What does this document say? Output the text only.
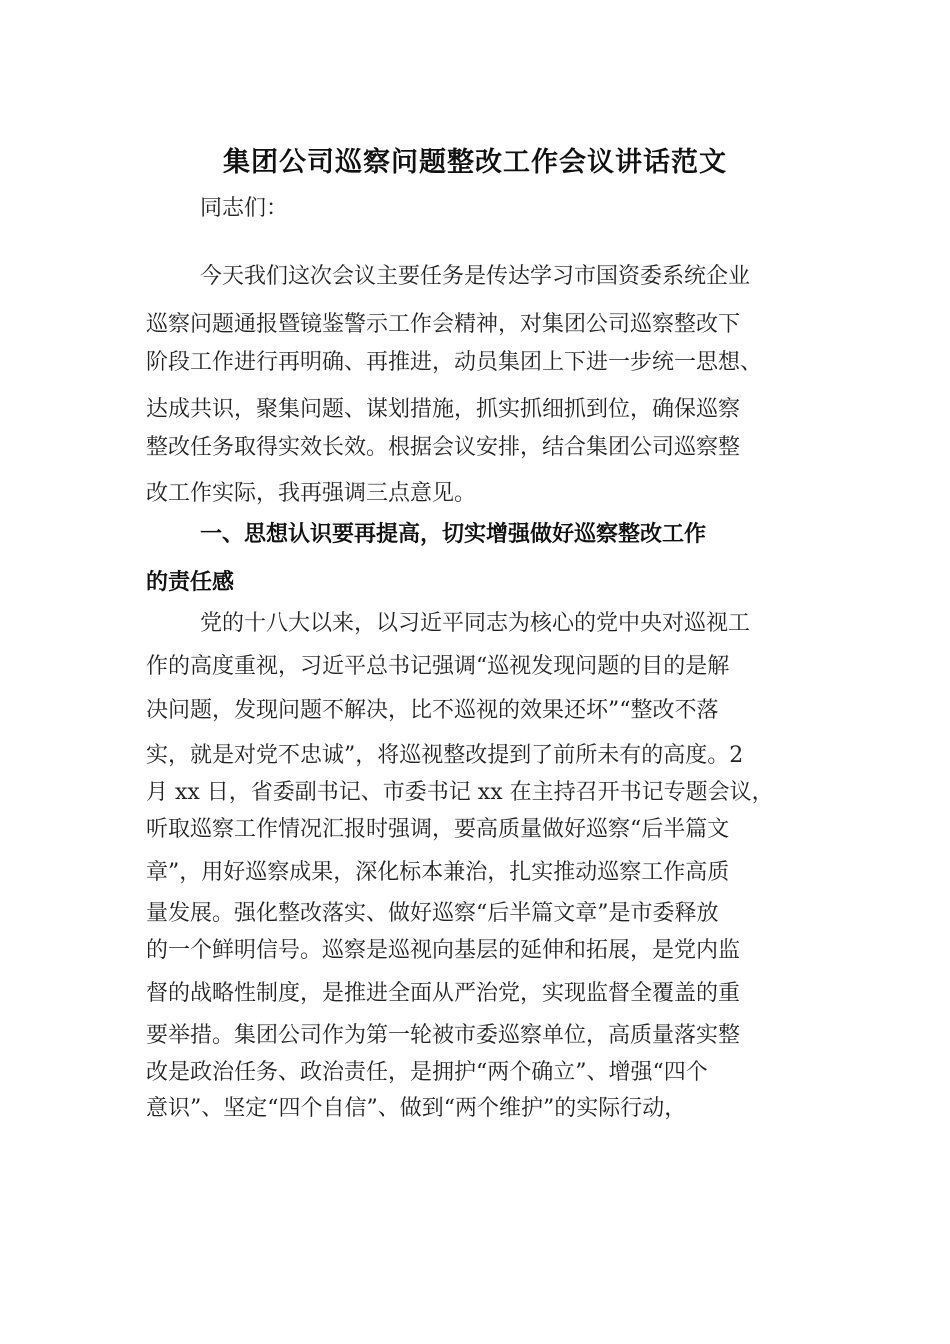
集团公司巡察问题整改工作会议讲话范文
同志们：
今天我们这次会议主要任务是传达学习市国资委系统企业
巡察问题通报暨镜鉴警示工作会精神，对集团公司巡察整改下
阶段工作进行再明确、再推进，动员集团上下进一步统一思想、
达成共识，聚集问题、谋划措施，抓实抓细抓到位，确保巡察
整改任务取得实效长效。根据会议安排，结合集团公司巡察整
改工作实际，我再强调三点意见。
一、思想认识要再提高，切实增强做好巡察整改工作
的责任感
党的十八大以来，以习近平同志为核心的党中央对巡视工
作的高度重视，习近平总书记强调“巡视发现问题的目的是解
决问题，发现问题不解决，比不巡视的效果还坏”“整改不落
实，就是对党不忠诚”，将巡视整改提到了前所未有的高度。2
月 xx 日，省委副书记、市委书记 xx 在主持召开书记专题会议，
听取巡察工作情况汇报时强调，要高质量做好巡察“后半篇文
章”，用好巡察成果，深化标本兼治，扎实推动巡察工作高质
量发展。强化整改落实、做好巡察“后半篇文章”是市委释放
的一个鲜明信号。巡察是巡视向基层的延伸和拓展，是党内监
督的战略性制度，是推进全面从严治党，实现监督全覆盖的重
要举措。集团公司作为第一轮被市委巡察单位，高质量落实整
改是政治任务、政治责任，是拥护“两个确立”、增强“四个
意识”、坚定“四个自信”、做到“两个维护”的实际行动，
